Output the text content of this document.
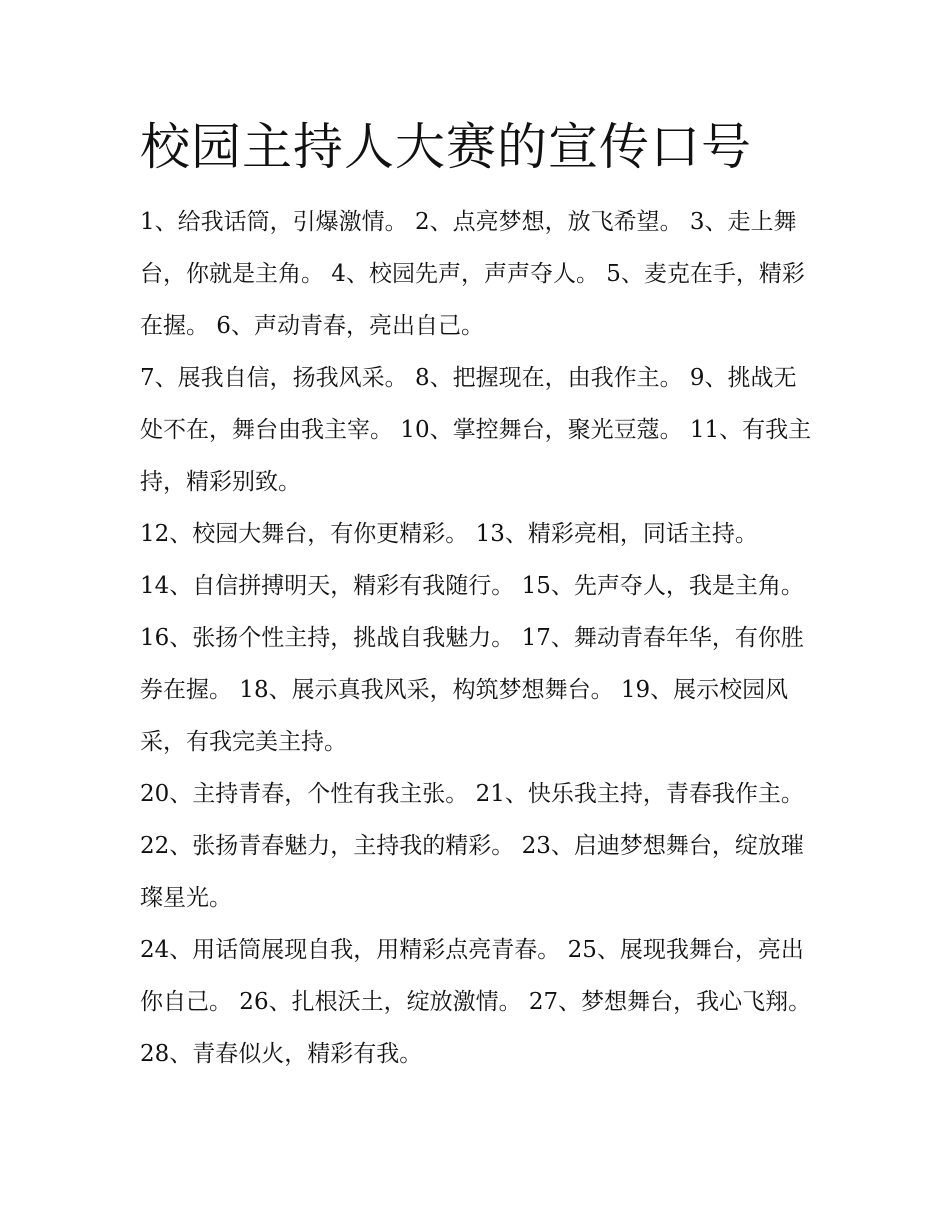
校园主持人大赛的宣传口号

1、给我话筒，引爆激情。 2、点亮梦想，放飞希望。 3、走上舞台，你就是主角。 4、校园先声，声声夺人。 5、麦克在手，精彩在握。 6、声动青春，亮出自己。

7、展我自信，扬我风采。 8、把握现在，由我作主。 9、挑战无处不在，舞台由我主宰。 10、掌控舞台，聚光豆蔻。 11、有我主持，精彩别致。

12、校园大舞台，有你更精彩。 13、精彩亮相，同话主持。

14、自信拼搏明天，精彩有我随行。 15、先声夺人，我是主角。

16、张扬个性主持，挑战自我魅力。 17、舞动青春年华，有你胜券在握。 18、展示真我风采，构筑梦想舞台。 19、展示校园风采，有我完美主持。

20、主持青春，个性有我主张。 21、快乐我主持，青春我作主。 22、张扬青春魅力，主持我的精彩。 23、启迪梦想舞台，绽放璀璨星光。

24、用话筒展现自我，用精彩点亮青春。 25、展现我舞台，亮出你自己。 26、扎根沃土，绽放激情。 27、梦想舞台，我心飞翔。 28、青春似火，精彩有我。
